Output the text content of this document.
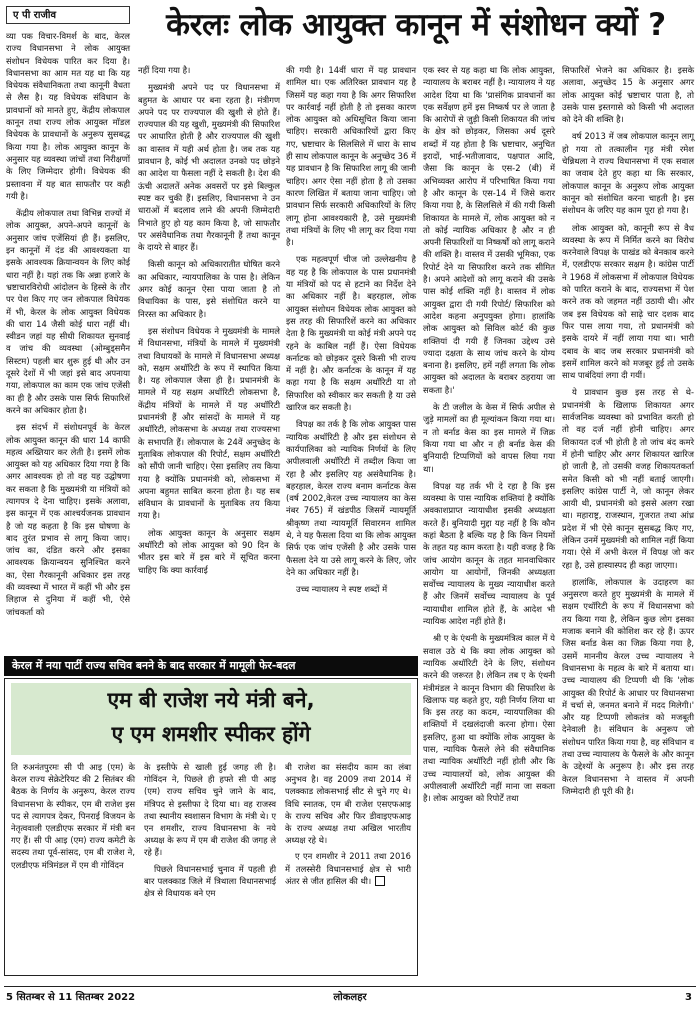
ए पी राजीव	केरलः लोक आयुक्त कानून में संशोधन क्यों ?

व्या पक विचार-विमर्श के बाद, केरल राज्य विधानसभा ने लोक आयुक्त संशोधन विधेयक पारित कर दिया है। विधानसभा का आम मत यह था कि यह विधेयक संवैधानिकता तथा कानूनी वैधता से लैस है। यह विधेयक संविधान के प्रावधानों को मानते हुए, केंद्रीय लोकपाल कानून तथा राज्य लोक आयुक्त मॉडल विधेयक के प्रावधानों के अनुरूप सुसबद्ध किया गया है। लोक आयुक्त कानून के अनुसार यह व्यवस्था जांचों तथा निरीक्षणों के लिए जिम्मेदार होगी। विधेयक की प्रस्तावना में यह बात साफतौर पर कही गयी है।

केंद्रीय लोकपाल तथा विभिन्न राज्यों में लोक आयुक्त, अपने-अपने कानूनों के अनुसार जांच एजेंसियां ही हैं। इसलिए, इन कानूनों में दंड की आवश्यकता या इसके आवश्यक क्रियान्वयन के लिए कोई धारा नहीं है। यहां तक कि अन्ना हजारे के भ्रष्टाचारविरोधी आंदोलन के हिस्से के तौर पर पेश किए गए जन लोकपाल विधेयक में भी, केरल के लोक आयुक्त विधेयक की धारा 14 जैसी कोई धारा नहीं थी। स्वीडन जहां यह सीधी शिकायत सुनवाई व जांच की व्यवस्था (ओम्बुड्समैन सिस्टम) पहली बार शुरू हुई थी और उन दूसरे देशों में भी जहां इसे बाद अपनाया गया, लोकपाल का काम एक जांच एजेंसी का ही है और उसके पास सिर्फ सिफारिशें करने का अधिकार होता है।

इस संदर्भ में संशोधनपूर्व के केरल लोक आयुक्त कानून की धारा 14 काफी महत्व अख्तियार कर लेती है। इसमें लोक आयुक्त को यह अधिकार दिया गया है कि अगर आवश्यक हो तो वह यह उद्घोषणा कर सकता है कि मुख्यमंत्री या मंत्रियों को त्यागपत्र दे देना चाहिए। इसके अलावा, इस कानून में एक आश्चर्यजनक प्रावधान है जो यह कहता है कि इस घोषणा के बाद तुरंत प्रभाव से लागू किया जाए। जांच का, दंडित करने और इसका आवश्यक क्रियान्वयन सुनिश्चित करने का, ऐसा गैरकानूनी अधिकार इस तरह की व्यवस्था में भारत में कहीं भी और इस लिहाज से दुनिया में कहीं भी, ऐसे जांचकर्ता को

नहीं दिया गया है।

मुख्यमंत्री अपने पद पर विधानसभा में बहुमत के आधार पर बना रहता है। मंत्रीगण अपने पद पर राज्यपाल की खुशी से होते हैं। राज्यपाल की यह खुशी, मुख्यमंत्री की सिफारिश पर आधारित होती है और राज्यपाल की खुशी का वास्तव में यही अर्थ होता है। जब तक यह प्रावधान है, कोई भी अदालत उनको पद छोड़ने का आदेश या फैसला नहीं दे सकती है। देश की ऊंची अदालतें अनेक अवसरों पर इसे बिल्कुल स्पष्ट कर चुकी हैं। इसलिए, विधानसभा ने उन धाराओं में बदलाव लाने की अपनी जिम्मेदारी निभाते हुए हो यह काम किया है, जो साफतौर पर असंवैधानिक तथा गैरकानूनी हैं तथा कानून के दायरे से बाहर हैं।

किसी कानून को अधिकारातीत घोषित करने का अधिकार, न्यायपालिका के पास है। लेकिन अगर कोई कानून ऐसा पाया जाता है तो विधायिका के पास, इसे संशोधित करने या निरस्त का अधिकार है।

इस संशोधन विधेयक ने मुख्यमंत्री के मामले में विधानसभा, मंत्रियों के मामले में मुख्यमंत्री तथा विधायकों के मामले में विधानसभा अध्यक्ष को, सक्षम अथॉरिटी के रूप में स्थापित किया है। यह लोकपाल जैसा ही है। प्रधानमंत्री के मामले में यह सक्षम अथॉरिटी लोकसभा है, केंद्रीय मंत्रियों के मामले में यह अथॉरिटी प्रधानमंत्री हैं और सांसदों के मामले में यह अथॉरिटी, लोकसभा के अध्यक्ष तथा राज्यसभा के सभापति हैं। लोकपाल के 24वें अनुच्छेद के मुताबिक लोकपाल की रिपोर्ट, सक्षम अथॉरिटी को सौंपी जानी चाहिए। ऐसा इसलिए तय किया गया है क्योंकि प्रधानमंत्री को, लोकसभा में अपना बहुमत साबित करना होता है। यह सब संविधान के प्रावधानों के मुताबिक तय किया गया है।

लोक आयुक्त कानून के अनुसार सक्षम अथॉरिटी को लोक आयुक्त को 90 दिन के भीतर इस बारे में इस बारे में सूचित करना चाहिए कि क्या कार्रवाई

की गयी है। 14वीं धारा में यह प्रावधान शामिल था। एक अतिरिक्त प्रावधान यह है जिसमें यह कहा गया है कि अगर सिफारिश पर कार्रवाई नहीं होती है तो इसका कारण लोक आयुक्त को अधिसूचित किया जाना चाहिए। सरकारी अधिकारियों द्वारा किए गए, भ्रष्टाचार के सिलसिले में धारा के साथ ही साथ लोकपाल कानून के अनुच्छेद 36 में यह प्रावधान है कि सिफारिश लागू की जानी चाहिए। अगर ऐसा नहीं होता है तो उसका कारण लिखित में बताया जाना चाहिए। जो प्रावधान सिर्फ सरकारी अधिकारियों के लिए लागू होना आवश्यकारी है, उसे मुख्यमंत्री तथा मंत्रियों के लिए भी लागू कर दिया गया है।

एक महत्वपूर्ण चीज जो उल्लेखनीय है वह यह है कि लोकपाल के पास प्रधानमंत्री या मंत्रियों को पद से हटाने का निर्देश देने का अधिकार नहीं है। बहरहाल, लोक आयुक्त संशोधन विधेयक लोक आयुक्त को इस तरह की सिफारिशें करने का अधिकार देता है कि मुख्यमंत्री या कोई मंत्री अपने पद रहने के काबिल नहीं हैं। ऐसा विधेयक कर्नाटक को छोड़कर दूसरे किसी भी राज्य में नहीं है। और कर्नाटक के कानून में यह कहा गया है कि सक्षम अथॉरिटी या तो सिफारिश को स्वीकार कर सकती है या उसे खारिज कर सकती है।

विपक्ष का तर्क है कि लोक आयुक्त पास न्यायिक अथॉरिटी है और इस संशोधन से कार्यपालिका को न्यायिक निर्णयों के लिए अपीलवाली अथॉरिटी में तब्दील किया जा रहा है और इसलिए यह असंवैधानिक है। बहरहाल, केरल राज्य बनाम कर्नाटक केस (वर्ष 2002,केरल उच्च न्यायालय का केस नंबर 765) में खंडपीठ जिसमें न्यायमूर्ति श्रीकृष्ण तथा न्यायमूर्ति सिवारमन शामिल थे, ने यह फैसला दिया था कि लोक आयुक्त सिर्फ एक जांच एजेंसी है और उसके पास फैसला देने या उसे लागू करने के लिए, जोर देने का अधिकार नहीं है।

उच्च न्यायालय ने स्पष्ट शब्दों में

एक स्वर से यह कहा था कि लोक आयुक्त, न्यायालय के बराबर नहीं है। न्यायालय ने यह आदेश दिया था कि 'प्रासंगिक प्रावधानों का एक सर्वेक्षण हमें इस निष्कर्ष पर ले जाता है कि आरोपों से जुड़ी किसी शिकायत की जांच के क्षेत्र को छोड़कर, जिसका अर्थ दूसरे शब्दों में यह होता है कि भ्रष्टाचार, अनुचित इरादों, भाई-भतीजावाद, पक्षपात आदि, जैसा कि कानून के एस-2 (बी) में अभिव्यक्त आरोप में परिभाषित किया गया है और कानून के एस-14 में जिसे करार किया गया है, के सिलसिले में की गयी किसी शिकायत के मामले में, लोक आयुक्त को न तो कोई न्यायिक अधिकार है और न ही अपनी सिफारिशों या निष्कर्षों को लागू कराने की शक्ति है। वास्तव में उसकी भूमिका, एक रिपोर्ट देने या सिफारिश करने तक सीमित है। अपने आदेशों को लागू कराने की उसके पास कोई शक्ति नहीं है। वास्तव में लोक आयुक्त द्वारा दी गयी रिपोर्ट/ सिफारिश को आदेश कहना अनुपयुक्त होगा। हालांकि लोक आयुक्त को सिविल कोर्ट की कुछ शक्तियां दी गयी हैं जिनका उद्देश्य उसे ज्यादा दक्षता के साथ जांच करने के योग्य बनाना है। इसलिए, हमें नहीं लगता कि लोक आयुक्त को अदालत के बराबर ठहराया जा सकता है।'

के टी जलील के केस में सिर्फ अपील से जुड़े मामलों का ही मूल्यांकन किया गया था। न तो बर्नाड केस का इस मामले में जिक्र किया गया था और न ही बर्नाड केस की बुनियादी टिप्पणियों को वापस लिया गया था।

विपक्ष यह तर्क भी दे रहा है कि इस व्यवस्था के पास न्यायिक शक्तियां है क्योंकि अवकाशप्राप्त न्यायाधीश इसकी अध्यक्षता करते हैं। बुनियादी मुद्दा यह नहीं है कि कौन कहां बैठता है बल्कि यह है कि किन नियमों के तहत यह काम करता है। यही वजह है कि जांच आयोग कानून के तहत मानवाधिकार आयोग या आयोगों, जिनकी अध्यक्षता सर्वोच्च न्यायालय के मुख्य न्यायाधीश करते हैं और जिनमें सर्वोच्च न्यायालय के पूर्व न्यायाधीश शामिल होते हैं, के आदेश भी न्यायिक आदेश नहीं होते हैं।

श्री ए के एंथनी के मुख्यमंत्रित्व काल में ये सवाल उठे थे कि क्या लोक आयुक्त को न्यायिक अथॉरिटी देने के लिए, संशोधन करने की जरूरत है। लेकिन तब ए के एंथनी मंत्रीमंडल ने कानून विभाग की सिफारिश के खिलाफ यह कहते हुए, यही निर्णय लिया था कि इस तरह का कदम, न्यायपालिका की शक्तियों में दखलंदाजी करना होगा। ऐसा इसलिए, हुआ था क्योंकि लोक आयुक्त के पास, न्यायिक फैसले लेने की संवैधानिक तथा न्यायिक अथॉरिटी नहीं होती और कि उच्च न्यायालयों को, लोक आयुक्त की अपीलवाली अथॉरिटी नहीं माना जा सकता है। लोक आयुक्त को रिपोर्टें तथा

सिफारिशें भेजने का अधिकार है। इसके अलावा, अनुच्छेद 15 के अनुसार अगर लोक आयुक्त कोई भ्रष्टाचार पाता है, तो उसके पास इस्तगासे को किसी भी अदालत को देने की शक्ति है।

वर्ष 2013 में जब लोकपाल कानून लागू हो गया तो तत्कालीन गृह मंत्री रमेश चेन्निथला ने राज्य विधानसभा में एक सवाल का जवाब देते हुए कहा था कि सरकार, लोकपाल कानून के अनुरूप लोक आयुक्त कानून को संशोधित करना चाहती है। इस संशोधन के जरिए यह काम पूरा हो गया है।

लोक आयुक्त को, कानूनी रूप से वैध व्यवस्था के रूप में निर्मित करने का विरोध करनेवाले विपक्ष के पाखंड को बेनकाब करने में, एलडीएफ सरकार सक्षम है। कांग्रेस पार्टी ने 1968 में लोकसभा में लोकपाल विधेयक को पारित कराने के बाद, राज्यसभा में पेश करने तक को जहमत नहीं उठायी थी। और जब इस विधेयक को साढ़े चार दशक बाद फिर पास लाया गया, तो प्रधानमंत्री को इसके दायरे में नहीं लाया गया था। भारी दबाव के बाद जब सरकार प्रधानमंत्री को इसमें शामिल करने को मजबूर हुई तो उसके साथ पाबंदियां लगा दी गयीं।

ये प्रावधान कुछ इस तरह से थे- प्रधानमंत्री के खिलाफ शिकायत अगर सार्वजनिक व्यवस्था को प्रभावित करती हो तो वह दर्ज नहीं होनी चाहिए। अगर शिकायत दर्ज भी होती है तो जांच बंद कमरे में होनी चाहिए और अगर शिकायत खारिज हो जाती है, तो उसकी वजह शिकायतकर्ता समेत किसी को भी नहीं बताई जाएगी। इसलिए कांग्रेस पार्टी ने, जो कानून लेकर आयी थी, प्रधानमंत्री को इससे अलग रखा था। महाराष्ट्र, राजस्थान, गुजरात तथा आंध्र प्रदेश में भी ऐसे कानून सुसबद्ध किए गए, लेकिन उनमें मुख्यमंत्री को शामिल नहीं किया गया। ऐसे में अभी केरल में विपक्ष जो कर रहा है, उसे हास्यास्पद ही कहा जाएगा।

हालांकि, लोकपाल के उदाहरण का अनुसरण करते हुए मुख्यमंत्री के मामले में सक्षम एथॉरिटी के रूप में विधानसभा को तय किया गया है, लेकिन कुछ लोग इसका मजाक बनाने की कोशिश कर रहे हैं। ऊपर जिस बर्नाड केस का जिक्र किया गया है, उसमें माननीय केरल उच्च न्यायालय ने विधानसभा के महत्व के बारे में बताया था। उच्च न्यायालय की टिप्पणी थी कि 'लोक आयुक्त की रिपोर्ट के आधार पर विधानसभा में चर्चा से, जनमत बनाने में मदद मिलेगी।' और यह टिप्पणी लोकतंत्र को मजबूती देनेवाली है। संविधान के अनुरूप जो संशोधन पारित किया गया है, वह संविधान व तथा उच्च न्यायालय के फैसले के और कानून के उद्देश्यों के अनुरूप है। और इस तरह केरल विधानसभा ने वास्तव में अपनी जिम्मेदारी ही पूरी की है।

केरल में नया पार्टी राज्य सचिव बनने के बाद सरकार में मामूली फेर-बदल
एम बी राजेश नये मंत्री बने,
ए एम शमशीर स्पीकर होंगे

ति रुअनंतपुरमः सी पी आइ (एम) के केरल राज्य सेक्रेटेरियट की 2 सितंबर की बैठक के निर्णय के अनुरूप, केरल राज्य विधानसभा के स्पीकर, एम बी राजेश इस पद से त्यागपत्र देकर, पिनराई विजयन के नेतृत्ववाली एलडीएफ सरकार में मंत्री बन गए हैं। सी पी आइ (एम) राज्य कमेटी के सदस्य तथा पूर्व-सांसद, एम बी राजेश ने, एलडीएफ मंत्रिमंडल में एम वी गोविंदन

के इस्तीफे से खाली हुई जगह ली है। गोविंदन ने, पिछले ही हफ्ते सी पी आइ (एम) राज्य सचिव चुने जाने के बाद, मंत्रिपद से इस्तीफा दे दिया था। वह राजस्व तथा स्थानीय स्वशासन विभाग के मंत्री थे। ए एन शमशीर, राज्य विधानसभा के नये अध्यक्ष के रूप में एम बी राजेश की जगह ले रहे हैं।

पिछले विधानसभाई चुनाव में पहली ही बार पलक्काड जिले में त्रिथाला विधानसभाई क्षेत्र से विधायक बने एम

बी राजेश का संसदीय काम का लंबा अनुभव है। वह 2009 तथा 2014 में पलक्काड लोकसभाई सीट से चुने गए थे। विधि स्नातक, एम बी राजेश एसएफआइ के राज्य सचिव और फिर डीवाइएफआइ के राज्य अध्यक्ष तथा अखिल भारतीय अध्यक्ष रहे थे।

ए एन शमशीर ने 2011 तथा 2016 में तलस्सेरी विधानसभाई क्षेत्र से भारी अंतर से जीत हासिल की थी।

5 सितम्बर से 11 सितम्बर 2022	लोकलहर	3
